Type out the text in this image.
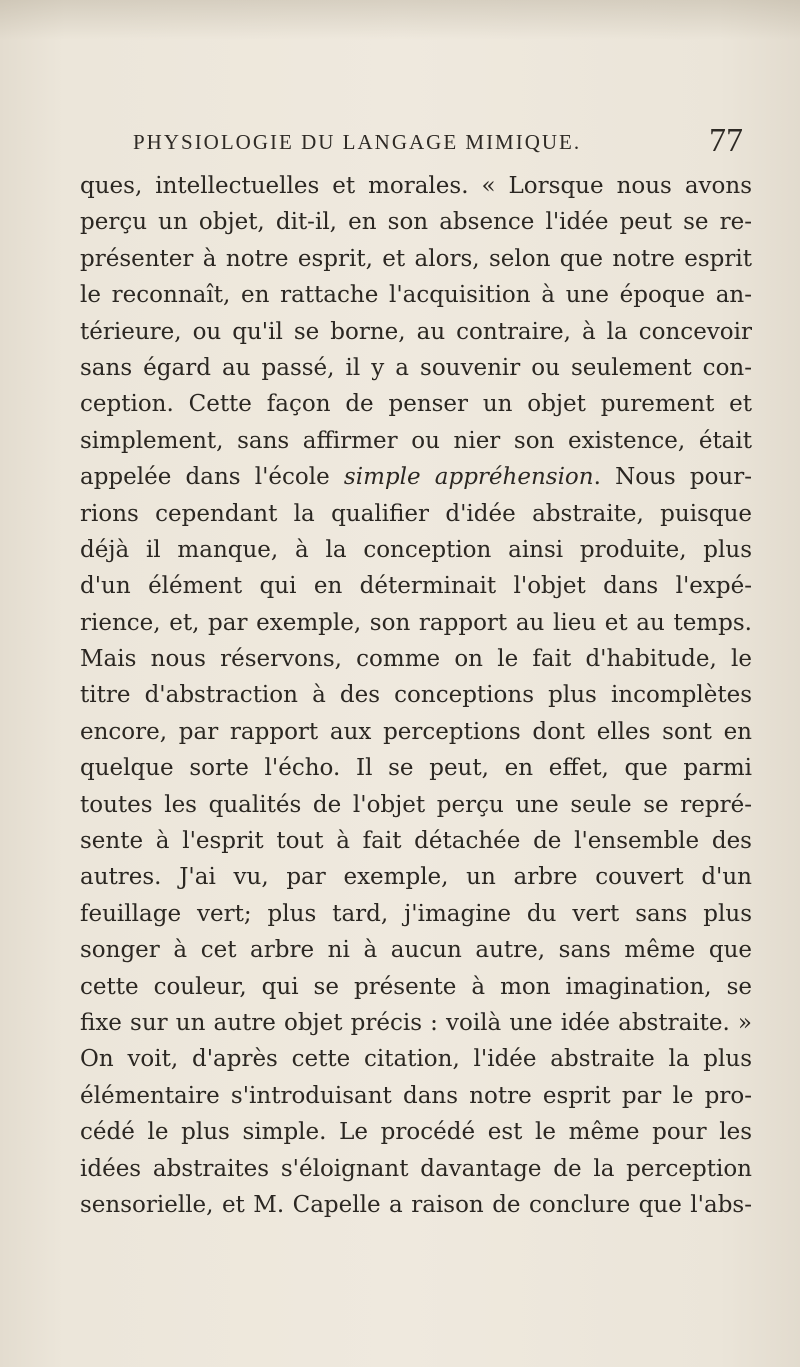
PHYSIOLOGIE DU LANGAGE MIMIQUE.	77
ques, intellectuelles et morales. « Lorsque nous avons
perçu un objet, dit-il, en son absence l'idée peut se re-
présenter à notre esprit, et alors, selon que notre esprit
le reconnaît, en rattache l'acquisition à une époque an-
térieure, ou qu'il se borne, au contraire, à la concevoir
sans égard au passé, il y a souvenir ou seulement con-
ception. Cette façon de penser un objet purement et
simplement, sans affirmer ou nier son existence, était
appelée dans l'école simple appréhension. Nous pour-
rions cependant la qualifier d'idée abstraite, puisque
déjà il manque, à la conception ainsi produite, plus
d'un élément qui en déterminait l'objet dans l'expé-
rience, et, par exemple, son rapport au lieu et au temps.
Mais nous réservons, comme on le fait d'habitude, le
titre d'abstraction à des conceptions plus incomplètes
encore, par rapport aux perceptions dont elles sont en
quelque sorte l'écho. Il se peut, en effet, que parmi
toutes les qualités de l'objet perçu une seule se repré-
sente à l'esprit tout à fait détachée de l'ensemble des
autres. J'ai vu, par exemple, un arbre couvert d'un
feuillage vert; plus tard, j'imagine du vert sans plus
songer à cet arbre ni à aucun autre, sans même que
cette couleur, qui se présente à mon imagination, se
fixe sur un autre objet précis : voilà une idée abstraite. »
On voit, d'après cette citation, l'idée abstraite la plus
élémentaire s'introduisant dans notre esprit par le pro-
cédé le plus simple. Le procédé est le même pour les
idées abstraites s'éloignant davantage de la perception
sensorielle, et M. Capelle a raison de conclure que l'abs-
